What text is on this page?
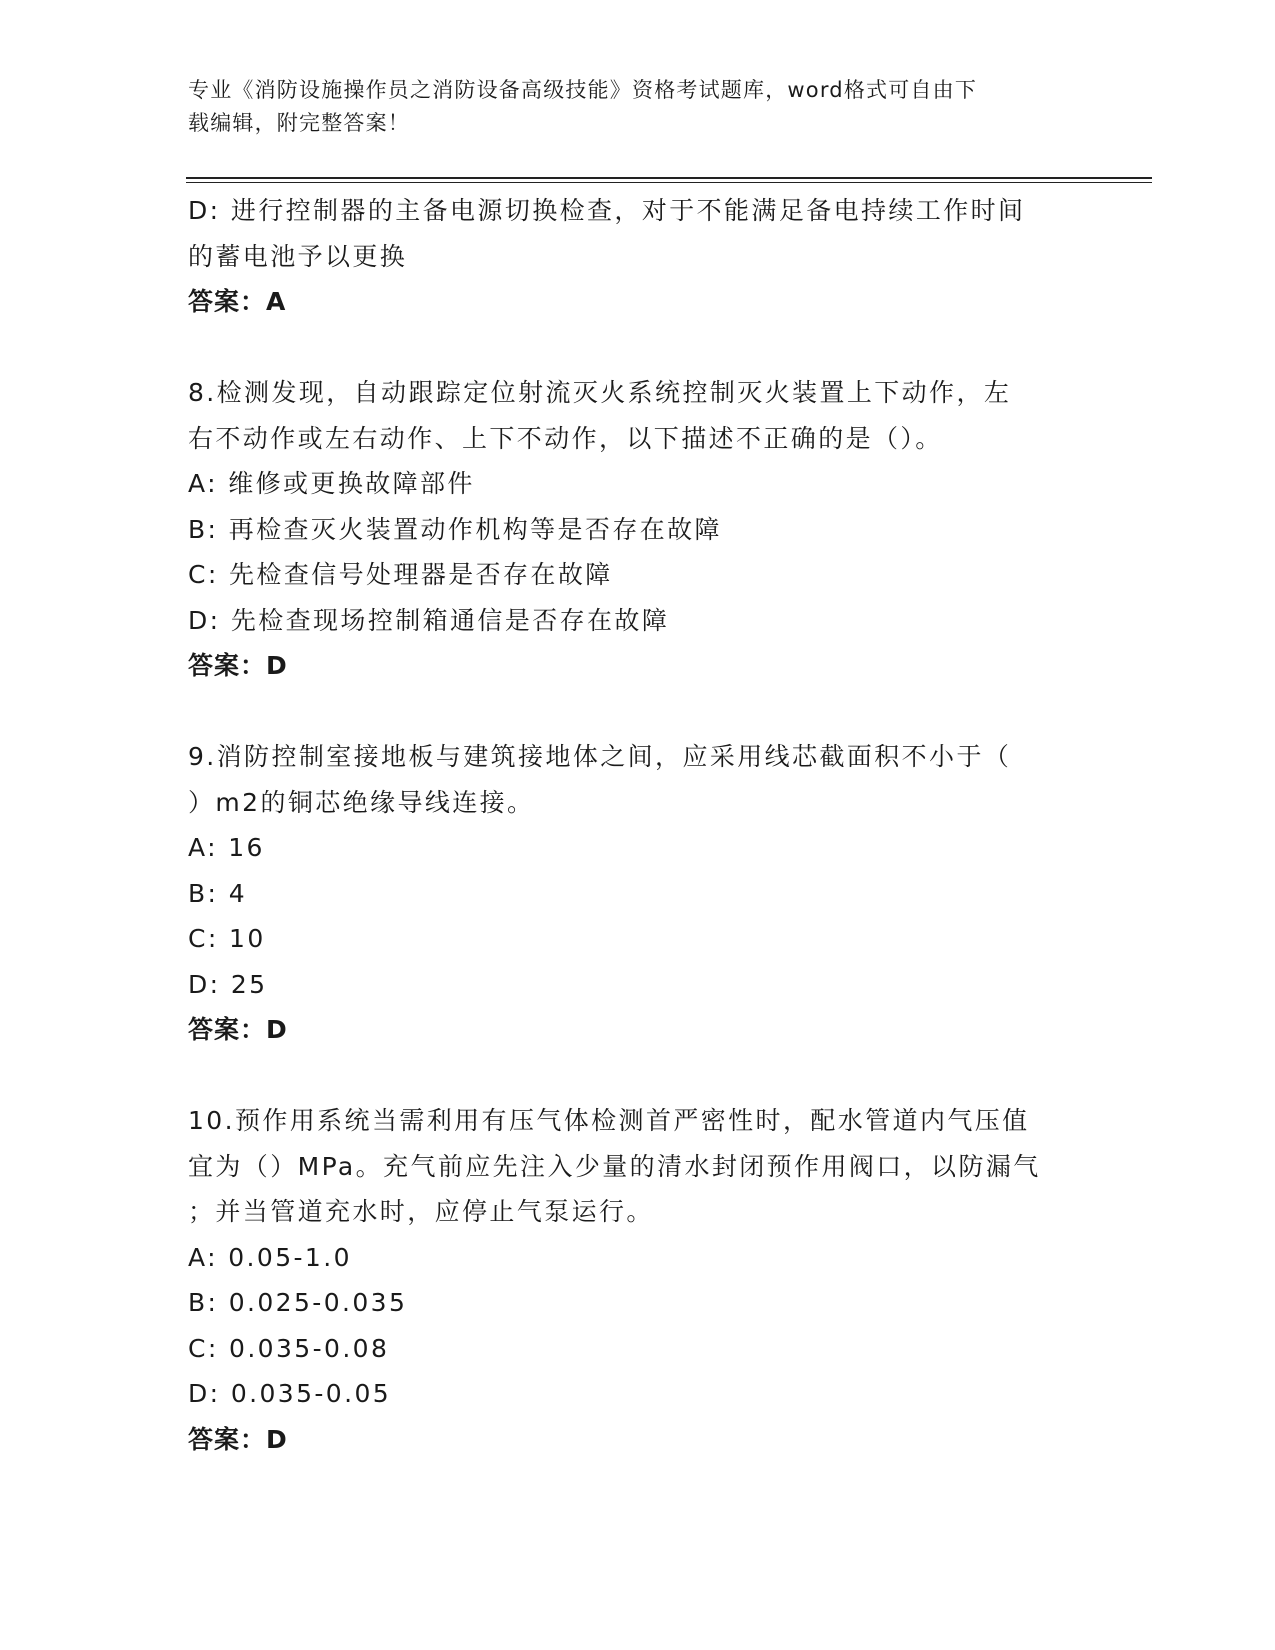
专业《消防设施操作员之消防设备高级技能》资格考试题库，word格式可自由下
载编辑，附完整答案！
D: 进行控制器的主备电源切换检查，对于不能满足备电持续工作时间
的蓄电池予以更换
答案：A
8.检测发现，自动跟踪定位射流灭火系统控制灭火装置上下动作，左
右不动作或左右动作、上下不动作，以下描述不正确的是（）。
A: 维修或更换故障部件
B: 再检查灭火装置动作机构等是否存在故障
C: 先检查信号处理器是否存在故障
D: 先检查现场控制箱通信是否存在故障
答案：D
9.消防控制室接地板与建筑接地体之间，应采用线芯截面积不小于（
）m2的铜芯绝缘导线连接。
A: 16
B: 4
C: 10
D: 25
答案：D
10.预作用系统当需利用有压气体检测首严密性时，配水管道内气压值
宜为（）MPa。充气前应先注入少量的清水封闭预作用阀口，以防漏气
；并当管道充水时，应停止气泵运行。
A: 0.05-1.0
B: 0.025-0.035
C: 0.035-0.08
D: 0.035-0.05
答案：D
